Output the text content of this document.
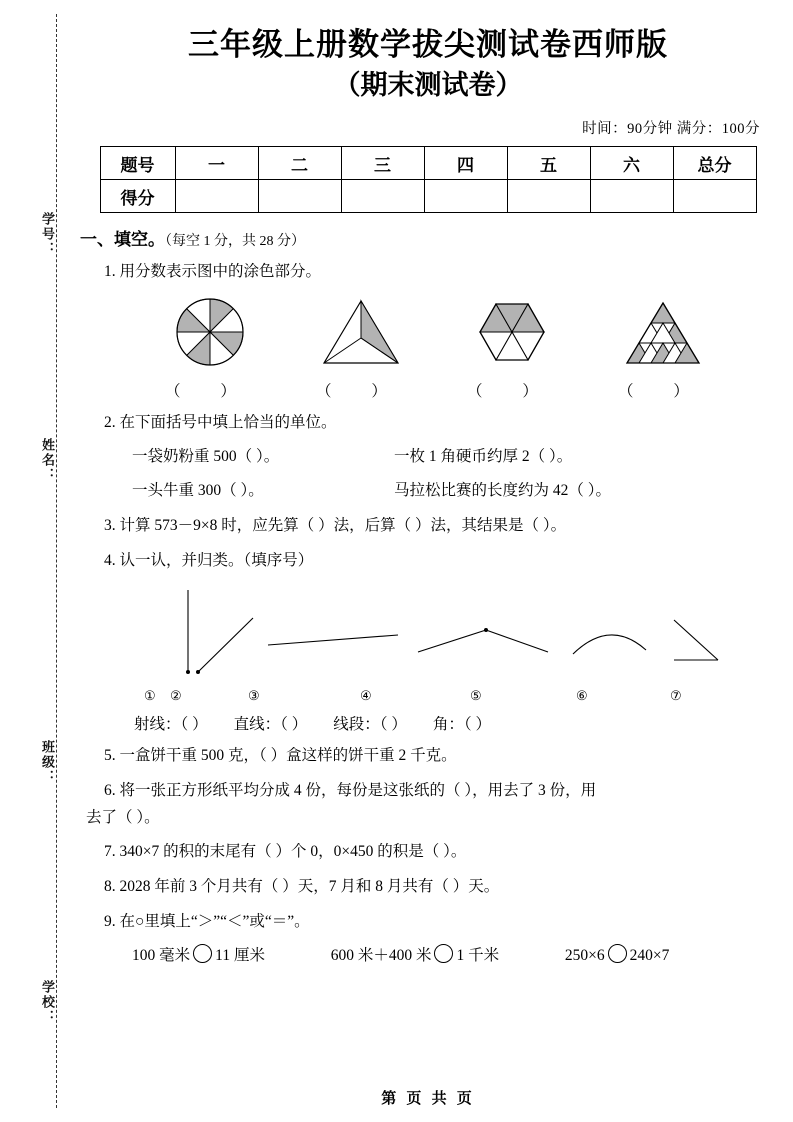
学号：
姓名：
班级：
学校：
三年级上册数学拔尖测试卷西师版
（期末测试卷）
时间：90分钟 满分：100分
题号	一	二	三	四	五	六	总分
得分							
一、填空。（每空 1 分，共 28 分）
1. 用分数表示图中的涂色部分。
（ ）	（ ）	（ ）	（ ）
2. 在下面括号中填上恰当的单位。
一袋奶粉重 500（ ）。	一枚 1 角硬币约厚 2（ ）。
一头牛重 300（ ）。	马拉松比赛的长度约为 42（ ）。
3. 计算 573－9×8 时，应先算（ ）法，后算（ ）法，其结果是（ ）。
4. 认一认，并归类。（填序号）
① ②	③	④	⑤	⑥	⑦
射线：（ ） 直线：（ ） 线段：（ ） 角：（ ）
5. 一盒饼干重 500 克，（ ）盒这样的饼干重 2 千克。
6. 将一张正方形纸平均分成 4 份，每份是这张纸的（ ），用去了 3 份，用
去了（ ）。
7. 340×7 的积的末尾有（ ）个 0，0×450 的积是（ ）。
8. 2028 年前 3 个月共有（ ）天，7 月和 8 月共有（ ）天。
9. 在○里填上“＞”“＜”或“＝”。
100 毫米 11 厘米	600 米＋400 米 1 千米	250×6 240×7
第 页 共 页
